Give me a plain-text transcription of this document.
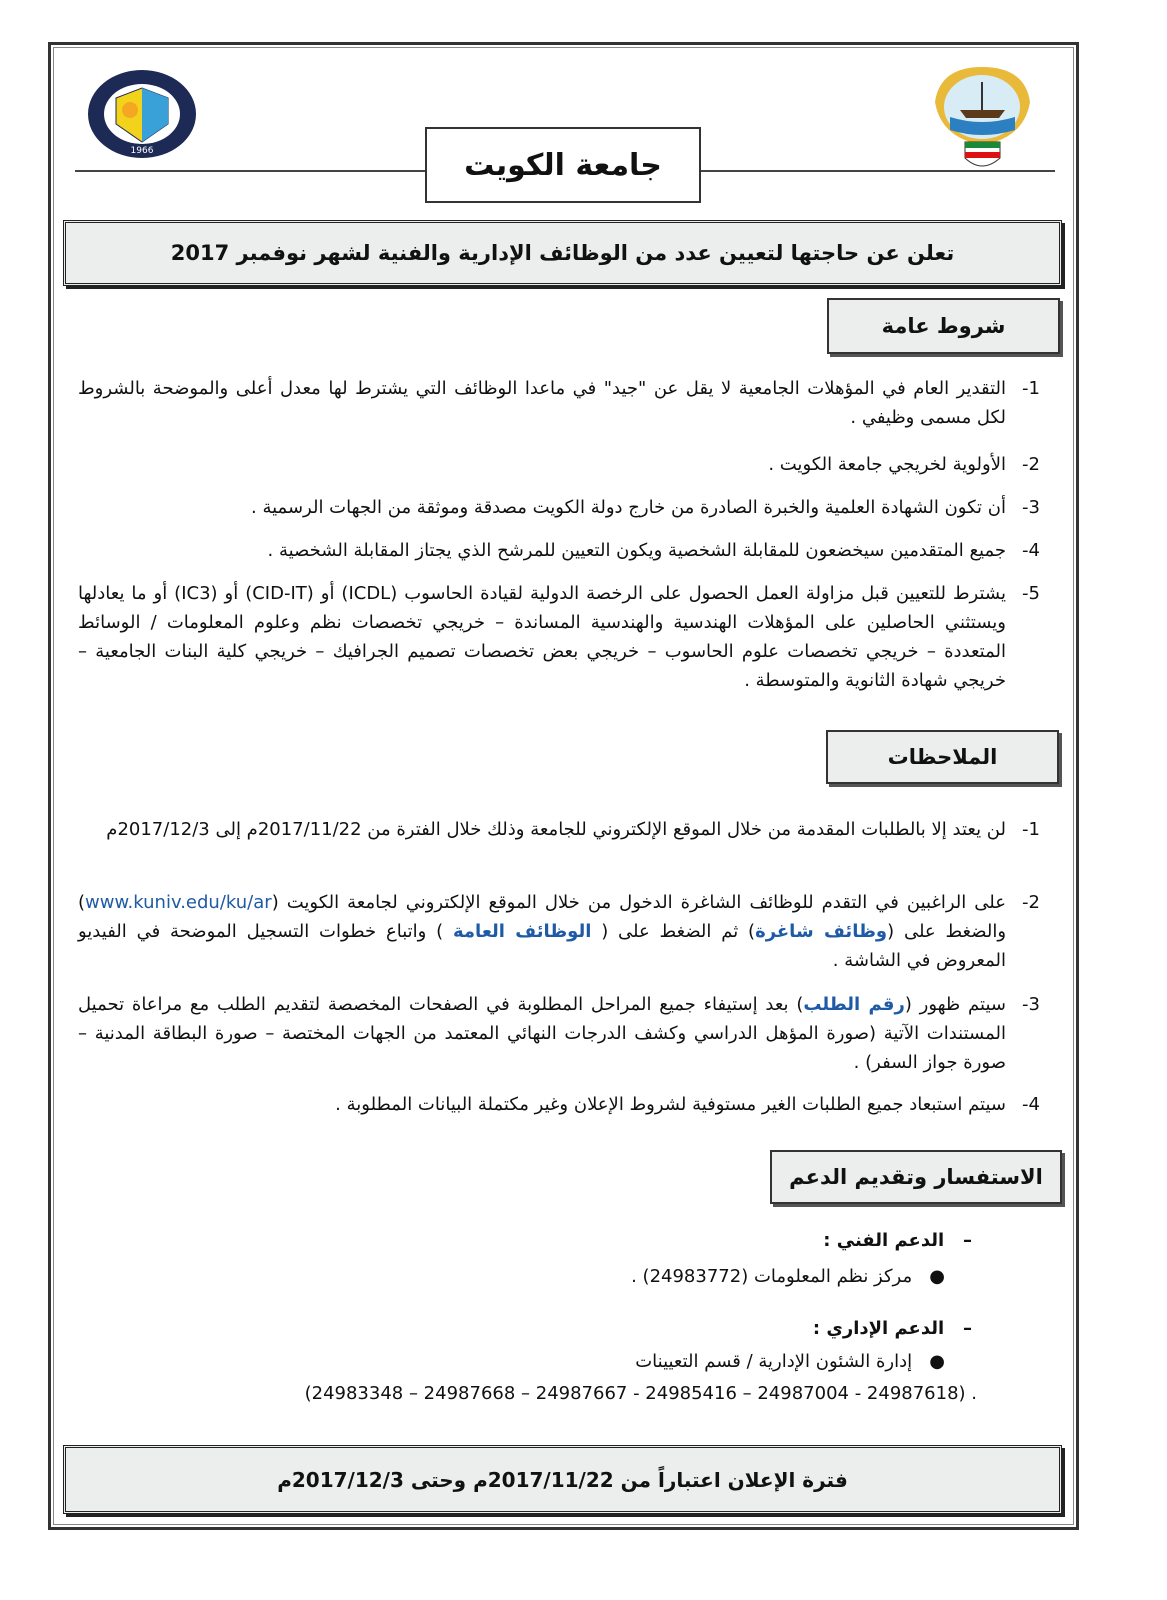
1966	جامعة الكويت
تعلن عن حاجتها لتعيين عدد من الوظائف الإدارية والفنية لشهر نوفمبر 2017
شروط عامة
1-
التقدير العام في المؤهلات الجامعية لا يقل عن "جيد" في ماعدا الوظائف التي يشترط لها معدل أعلى والموضحة بالشروط لكل مسمى وظيفي .
2-
الأولوية لخريجي جامعة الكويت .
3-
أن تكون الشهادة العلمية والخبرة الصادرة من خارج دولة الكويت مصدقة وموثقة من الجهات الرسمية .
4-
جميع المتقدمين سيخضعون للمقابلة الشخصية ويكون التعيين للمرشح الذي يجتاز المقابلة الشخصية .
5-
يشترط للتعيين قبل مزاولة العمل الحصول على الرخصة الدولية لقيادة الحاسوب (ICDL) أو (CID-IT) أو (IC3) أو ما يعادلها ويستثني الحاصلين على المؤهلات الهندسية والهندسية المساندة – خريجي تخصصات نظم وعلوم المعلومات / الوسائط المتعددة – خريجي تخصصات علوم الحاسوب – خريجي بعض تخصصات تصميم الجرافيك – خريجي كلية البنات الجامعية – خريجي شهادة الثانوية والمتوسطة .
الملاحظات
1-
لن يعتد إلا بالطلبات المقدمة من خلال الموقع الإلكتروني للجامعة وذلك خلال الفترة من 2017/11/22م إلى 2017/12/3م
2-
على الراغبين في التقدم للوظائف الشاغرة الدخول من خلال الموقع الإلكتروني لجامعة الكويت (www.kuniv.edu/ku/ar) والضغط على (وظائف شاغرة) ثم الضغط على ( الوظائف العامة ) واتباع خطوات التسجيل الموضحة في الفيديو المعروض في الشاشة .
3-
سيتم ظهور (رقم الطلب) بعد إستيفاء جميع المراحل المطلوبة في الصفحات المخصصة لتقديم الطلب مع مراعاة تحميل المستندات الآتية (صورة المؤهل الدراسي وكشف الدرجات النهائي المعتمد من الجهات المختصة – صورة البطاقة المدنية – صورة جواز السفر) .
4-
سيتم استبعاد جميع الطلبات الغير مستوفية لشروط الإعلان وغير مكتملة البيانات المطلوبة .
الاستفسار وتقديم الدعم
–   الدعم الفني :
●   مركز نظم المعلومات (24983772) .
–   الدعم الإداري :
●   إدارة الشئون الإدارية / قسم التعيينات
(24983348 – 24987668 – 24987667 - 24985416 – 24987004 - 24987618) .
فترة الإعلان اعتباراً من 2017/11/22م وحتى 2017/12/3م
